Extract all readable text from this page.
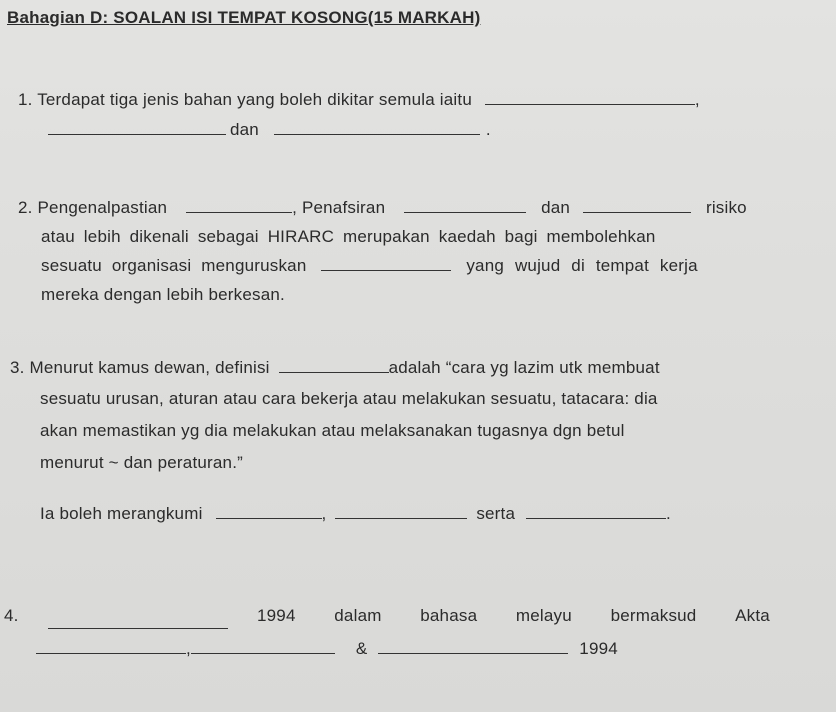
Bahagian D: SOALAN ISI TEMPAT KOSONG(15 MARKAH)
1. Terdapat tiga jenis bahan yang boleh dikitar semula iaitu	,
dan	.
2. Pengenalpastian	, Penafsiran	dan	risiko
atau lebih dikenali sebagai HIRARC merupakan kaedah bagi membolehkan
sesuatu organisasi menguruskan	yang wujud di tempat kerja
mereka dengan lebih berkesan.
3. Menurut kamus dewan, definisi	adalah “cara yg lazim utk membuat
sesuatu urusan, aturan atau cara bekerja atau melakukan sesuatu, tatacara: dia
akan memastikan yg dia melakukan atau melaksanakan tugasnya dgn betul
menurut ~ dan peraturan.”
Ia boleh merangkumi	,	serta	.
4.	1994 dalam bahasa melayu bermaksud Akta
,	&	1994
